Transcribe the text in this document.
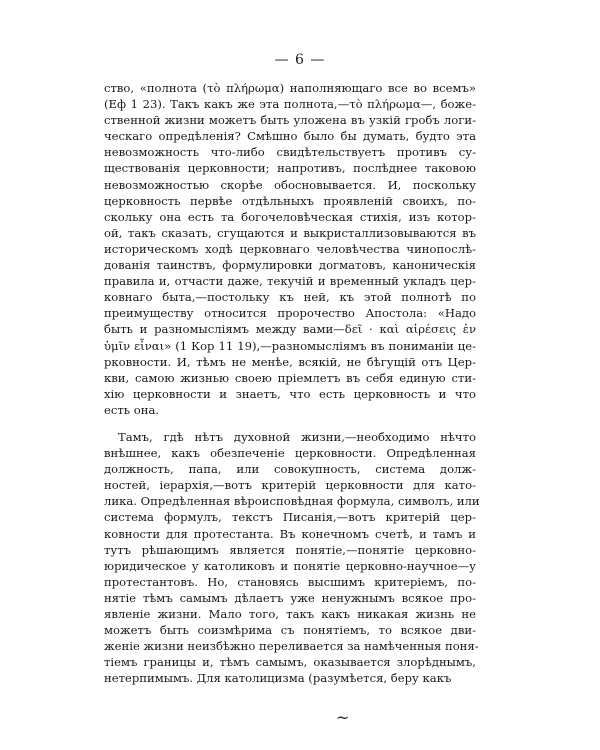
— 6 —

ство, «полнота (τὸ πλήρωμα) наполняющаго все во всемъ»
(Еф 1 23). Такъ какъ же эта полнота,—τὸ πλήρωμα—, боже-
ственной жизни можетъ быть уложена въ узкій гробъ логи-
ческаго опредѣленія? Смѣшно было бы думать, будто эта
невозможность что-либо свидѣтельствуетъ противъ су-
ществованія церковности; напротивъ, послѣднее таковою
невозможностью скорѣе обосновывается. И, поскольку
церковность первѣе отдѣльныхъ проявленій своихъ, по-
скольку она есть та богочеловѣческая стихія, изъ котор-
ой, такъ сказать, сгущаются и выкристаллизовываются въ
историческомъ ходѣ церковнаго человѣчества чинопослѣ-
дованія таинствъ, формулировки догматовъ, каноничeскія
правила и, отчасти даже, текучій и временный укладъ цер-
ковнаго быта,—постольку къ ней, къ этой полнотѣ по
преимуществу относится пророчество Апостола: «Надо
быть и разномысліямъ между вами—δεῖ · καὶ αἱρέσεις ἐν
ὑμῖν εἶναι» (1 Кор 11 19),—разномысліямъ въ пониманіи це-
рковности. И, тѣмъ не менѣе, всякій, не бѣгущій отъ Цер-
кви, самою жизнью своею пріемлетъ въ себя единую сти-
хію церковности и знаетъ, что есть церковность и что
есть она.

Тамъ, гдѣ нѣтъ духовной жизни,—необходимо нѣчто
внѣшнее, какъ обезпеченіе церковности. Опредѣленная
должность, папа, или совокупность, система долж-
ностей, іерархія,—вотъ критерій церковности для като-
лика. Опредѣленная вѣроисповѣдная формула, символъ, или
система формулъ, текстъ Писанія,—вотъ критерій цер-
ковности для протестанта. Въ конечномъ счетѣ, и тамъ и
тутъ рѣшающимъ является понятіе,—понятіе церковно-
юридическое у католиковъ и понятіе церковно-научное—у
протестантовъ. Но, становясь высшимъ критеріемъ, по-
нятіе тѣмъ самымъ дѣлаетъ уже ненужнымъ всякое про-
явленіе жизни. Мало того, такъ какъ никакая жизнь не
можетъ быть соизмѣрима съ понятіемъ, то всякое дви-
женіе жизни неизбѣжно переливается за намѣченныя поня-
тіемъ границы и, тѣмъ самымъ, оказывается злорѣднымъ,
нетерпимымъ. Для католицизма (разумѣется, беру какъ

~
